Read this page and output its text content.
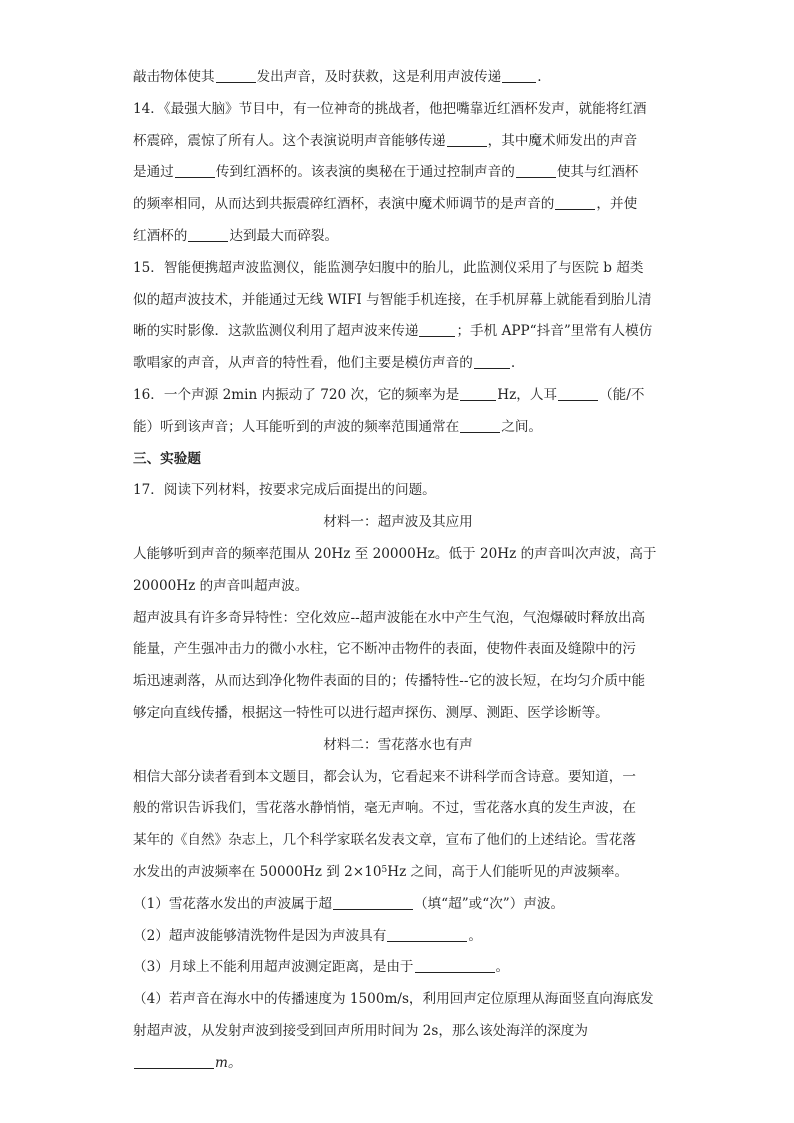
敲击物体使其	发出声音，及时获救，这是利用声波传递	.

14．《最强大脑》节目中，有一位神奇的挑战者，他把嘴靠近红酒杯发声，就能将红酒

杯震碎，震惊了所有人。这个表演说明声音能够传递	，其中魔术师发出的声音

是通过	传到红酒杯的。该表演的奥秘在于通过控制声音的	使其与红酒杯

的频率相同，从而达到共振震碎红酒杯，表演中魔术师调节的是声音的	，并使

红酒杯的	达到最大而碎裂。

15．智能便携超声波监测仪，能监测孕妇腹中的胎儿，此监测仪采用了与医院 b 超类

似的超声波技术，并能通过无线 WIFI 与智能手机连接，在手机屏幕上就能看到胎儿清

晰的实时影像．这款监测仪利用了超声波来传递	；手机 APP“抖音”里常有人模仿

歌唱家的声音，从声音的特性看，他们主要是模仿声音的	.

16．一个声源 2min 内振动了 720 次，它的频率为是	Hz，人耳	（能/不

能）听到该声音；人耳能听到的声波的频率范围通常在	之间。

三、实验题

17．阅读下列材料，按要求完成后面提出的问题。

材料一：超声波及其应用

人能够听到声音的频率范围从 20Hz 至 20000Hz。低于 20Hz 的声音叫次声波，高于

20000Hz 的声音叫超声波。

超声波具有许多奇异特性：空化效应--超声波能在水中产生气泡，气泡爆破时释放出高

能量，产生强冲击力的微小水柱，它不断冲击物件的表面，使物件表面及缝隙中的污

垢迅速剥落，从而达到净化物件表面的目的；传播特性--它的波长短，在均匀介质中能

够定向直线传播，根据这一特性可以进行超声探伤、测厚、测距、医学诊断等。

材料二：雪花落水也有声

相信大部分读者看到本文题目，都会认为，它看起来不讲科学而含诗意。要知道，一

般的常识告诉我们，雪花落水静悄悄，毫无声响。不过，雪花落水真的发生声波，在

某年的《自然》杂志上，几个科学家联名发表文章，宣布了他们的上述结论。雪花落

水发出的声波频率在 50000Hz 到 $2\times 10^5Hz$ 之间，高于人们能听见的声波频率。

（1）雪花落水发出的声波属于超	（填“超”或“次”）声波。

（2）超声波能够清洗物件是因为声波具有	。

（3）月球上不能利用超声波测定距离，是由于	。

（4）若声音在海水中的传播速度为 1500m/s，利用回声定位原理从海面竖直向海底发

射超声波，从发射声波到接受到回声所用时间为 2s，那么该处海洋的深度为

m。
